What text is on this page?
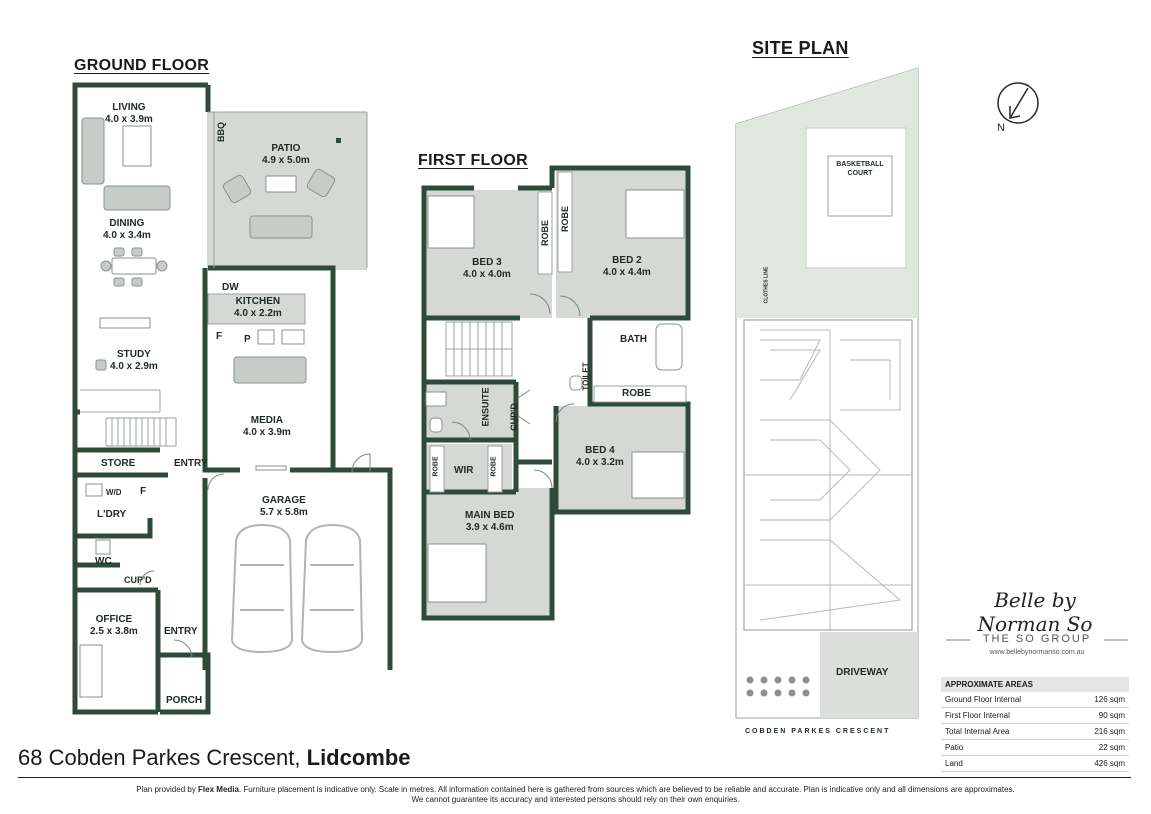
GROUND FLOOR
FIRST FLOOR
SITE PLAN
LIVING
4.0 x 3.9m
PATIO
4.9 x 5.0m
BBQ
DINING
4.0 x 3.4m
DW
KITCHEN
4.0 x 2.2m
F P
STUDY
4.0 x 2.9m
MEDIA
4.0 x 3.9m
STORE	ENTRY
W/D F
L'DRY
GARAGE
5.7 x 5.8m
WC
CUP'D
OFFICE
2.5 x 3.8m	ENTRY
PORCH
BED 3
4.0 x 4.0m
ROBE
ROBE
BED 2
4.0 x 4.4m
BATH
TOILET
ROBE
ENSUITE CUP'D
BED 4
4.0 x 3.2m
ROBE	ROBE
WIR
MAIN BED
3.9 x 4.6m
N
BASKETBALL COURT
CLOTHES LINE
DRIVEWAY
COBDEN PARKES CRESCENT
Belle by Norman So
THE SO GROUP
www.bellebynormanso.com.au
APPROXIMATE AREAS	
Ground Floor Internal	126 sqm
First Floor Internal	90 sqm
Total Internal Area	216 sqm
Patio	22 sqm
Land	426 sqm
68 Cobden Parkes Crescent, Lidcombe
Plan provided by Flex Media. Furniture placement is indicative only. Scale in metres. All information contained here is gathered from sources which are believed to be reliable and accurate. Plan is indicative only and all dimensions are approximates.
We cannot guarantee its accuracy and interested persons should rely on their own enquiries.
